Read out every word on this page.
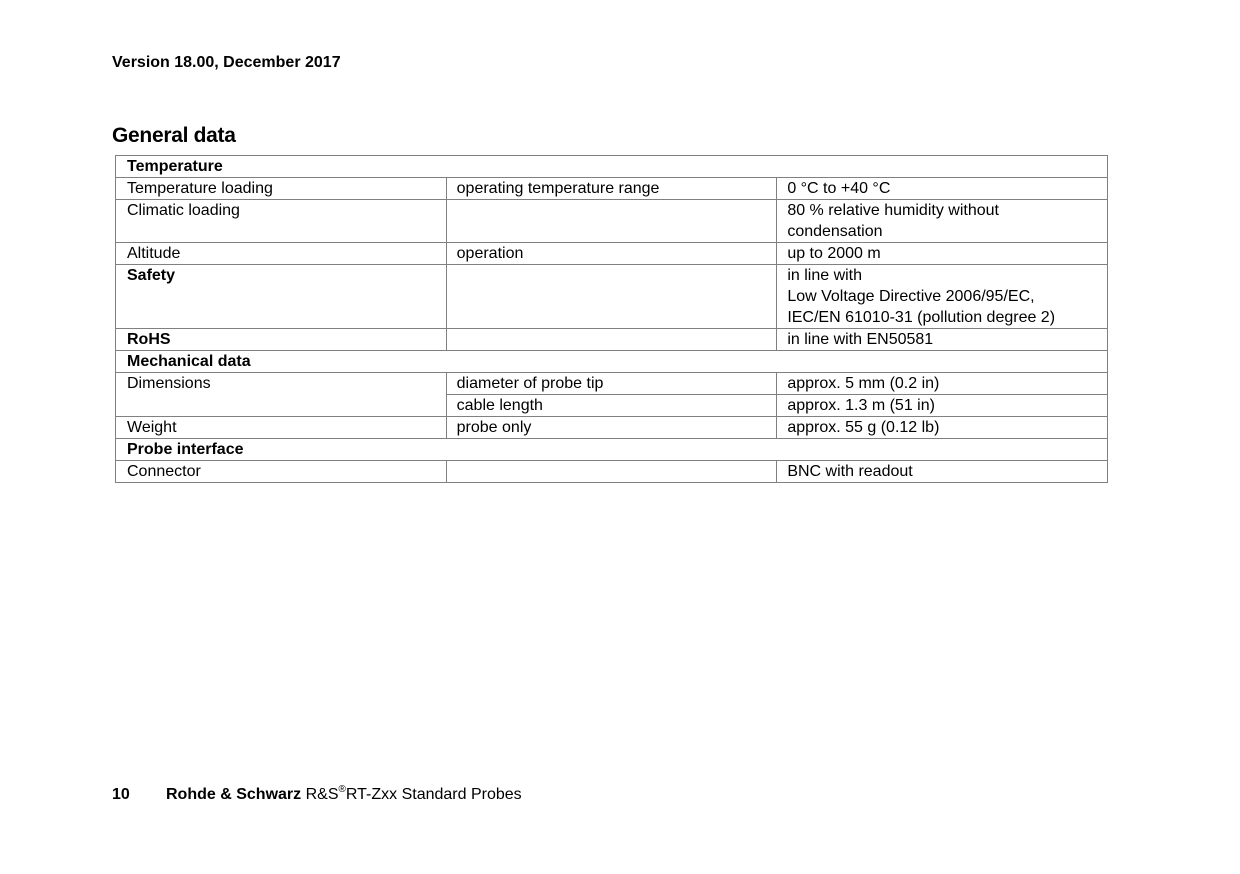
Version 18.00, December 2017
General data
Temperature		
Temperature loading	operating temperature range	0 °C to +40 °C
Climatic loading		80 % relative humidity without
condensation

Altitude	operation	up to 2000 m
Safety		in line with
Low Voltage Directive 2006/95/EC,
IEC/EN 61010-31 (pollution degree 2)

RoHS		in line with EN50581
Mechanical data		
Dimensions	diameter of probe tip	approx. 5 mm (0.2 in)
	cable length	approx. 1.3 m (51 in)
Weight	probe only	approx. 55 g (0.12 lb)
Probe interface		
Connector		BNC with readout
10 Rohde & Schwarz R&S®RT-Zxx Standard Probes
